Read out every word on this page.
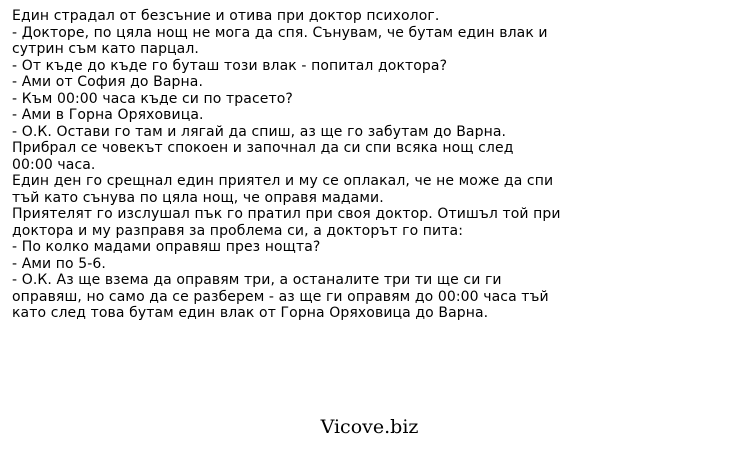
Един страдал от безсъние и отива при доктор психолог.
- Докторе, по цяла нощ не мога да спя. Сънувам, че бутам един влак и
сутрин съм като парцал.
- От къде до къде го буташ този влак - попитал доктора?
- Ами от София до Варна.
- Към 00:00 часа къде си по трасето?
- Ами в Горна Оряховица.
- О.К. Остави го там и лягай да спиш, аз ще го забутам до Варна.
Прибрал се човекът спокоен и започнал да си спи всяка нощ след
00:00 часа.
Един ден го срещнал един приятел и му се оплакал, че не може да спи
тъй като сънува по цяла нощ, че оправя мадами.
Приятелят го изслушал пък го пратил при своя доктор. Отишъл той при
доктора и му разправя за проблема си, а докторът го пита:
- По колко мадами оправяш през нощта?
- Ами по 5-6.
- О.К. Аз ще взема да оправям три, а останалите три ти ще си ги
оправяш, но само да се разберем - аз ще ги оправям до 00:00 часа тъй
като след това бутам един влак от Горна Оряховица до Варна.
Vicove.biz
